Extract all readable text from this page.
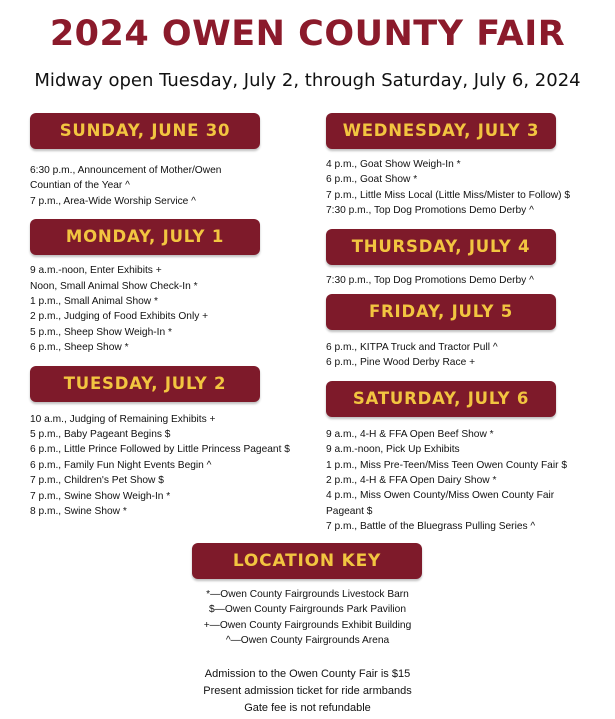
2024 OWEN COUNTY FAIR
Midway open Tuesday, July 2, through Saturday, July 6, 2024
SUNDAY, JUNE 30
6:30 p.m., Announcement of Mother/Owen Countian of the Year ^
7 p.m., Area-Wide Worship Service ^
MONDAY, JULY 1
9 a.m.-noon, Enter Exhibits +
Noon, Small Animal Show Check-In *
1 p.m., Small Animal Show *
2 p.m., Judging of Food Exhibits Only +
5 p.m., Sheep Show Weigh-In *
6 p.m., Sheep Show *
TUESDAY, JULY 2
10 a.m., Judging of Remaining Exhibits +
5 p.m., Baby Pageant Begins $
6 p.m., Little Prince Followed by Little Princess Pageant $
6 p.m., Family Fun Night Events Begin ^
7 p.m., Children's Pet Show $
7 p.m., Swine Show Weigh-In *
8 p.m., Swine Show *
WEDNESDAY, JULY 3
4 p.m., Goat Show Weigh-In *
6 p.m., Goat Show *
7 p.m., Little Miss Local (Little Miss/Mister to Follow) $
7:30 p.m., Top Dog Promotions Demo Derby ^
THURSDAY, JULY 4
7:30 p.m., Top Dog Promotions Demo Derby ^
FRIDAY, JULY 5
6 p.m., KITPA Truck and Tractor Pull ^
6 p.m., Pine Wood Derby Race +
SATURDAY, JULY 6
9 a.m., 4-H & FFA Open Beef Show *
9 a.m.-noon, Pick Up Exhibits
1 p.m., Miss Pre-Teen/Miss Teen Owen County Fair $
2 p.m., 4-H & FFA Open Dairy Show *
4 p.m., Miss Owen County/Miss Owen County Fair Pageant $
7 p.m., Battle of the Bluegrass Pulling Series ^
LOCATION KEY
*—Owen County Fairgrounds Livestock Barn
$—Owen County Fairgrounds Park Pavilion
+—Owen County Fairgrounds Exhibit Building
^—Owen County Fairgrounds Arena
Admission to the Owen County Fair is $15
Present admission ticket for ride armbands
Gate fee is not refundable
